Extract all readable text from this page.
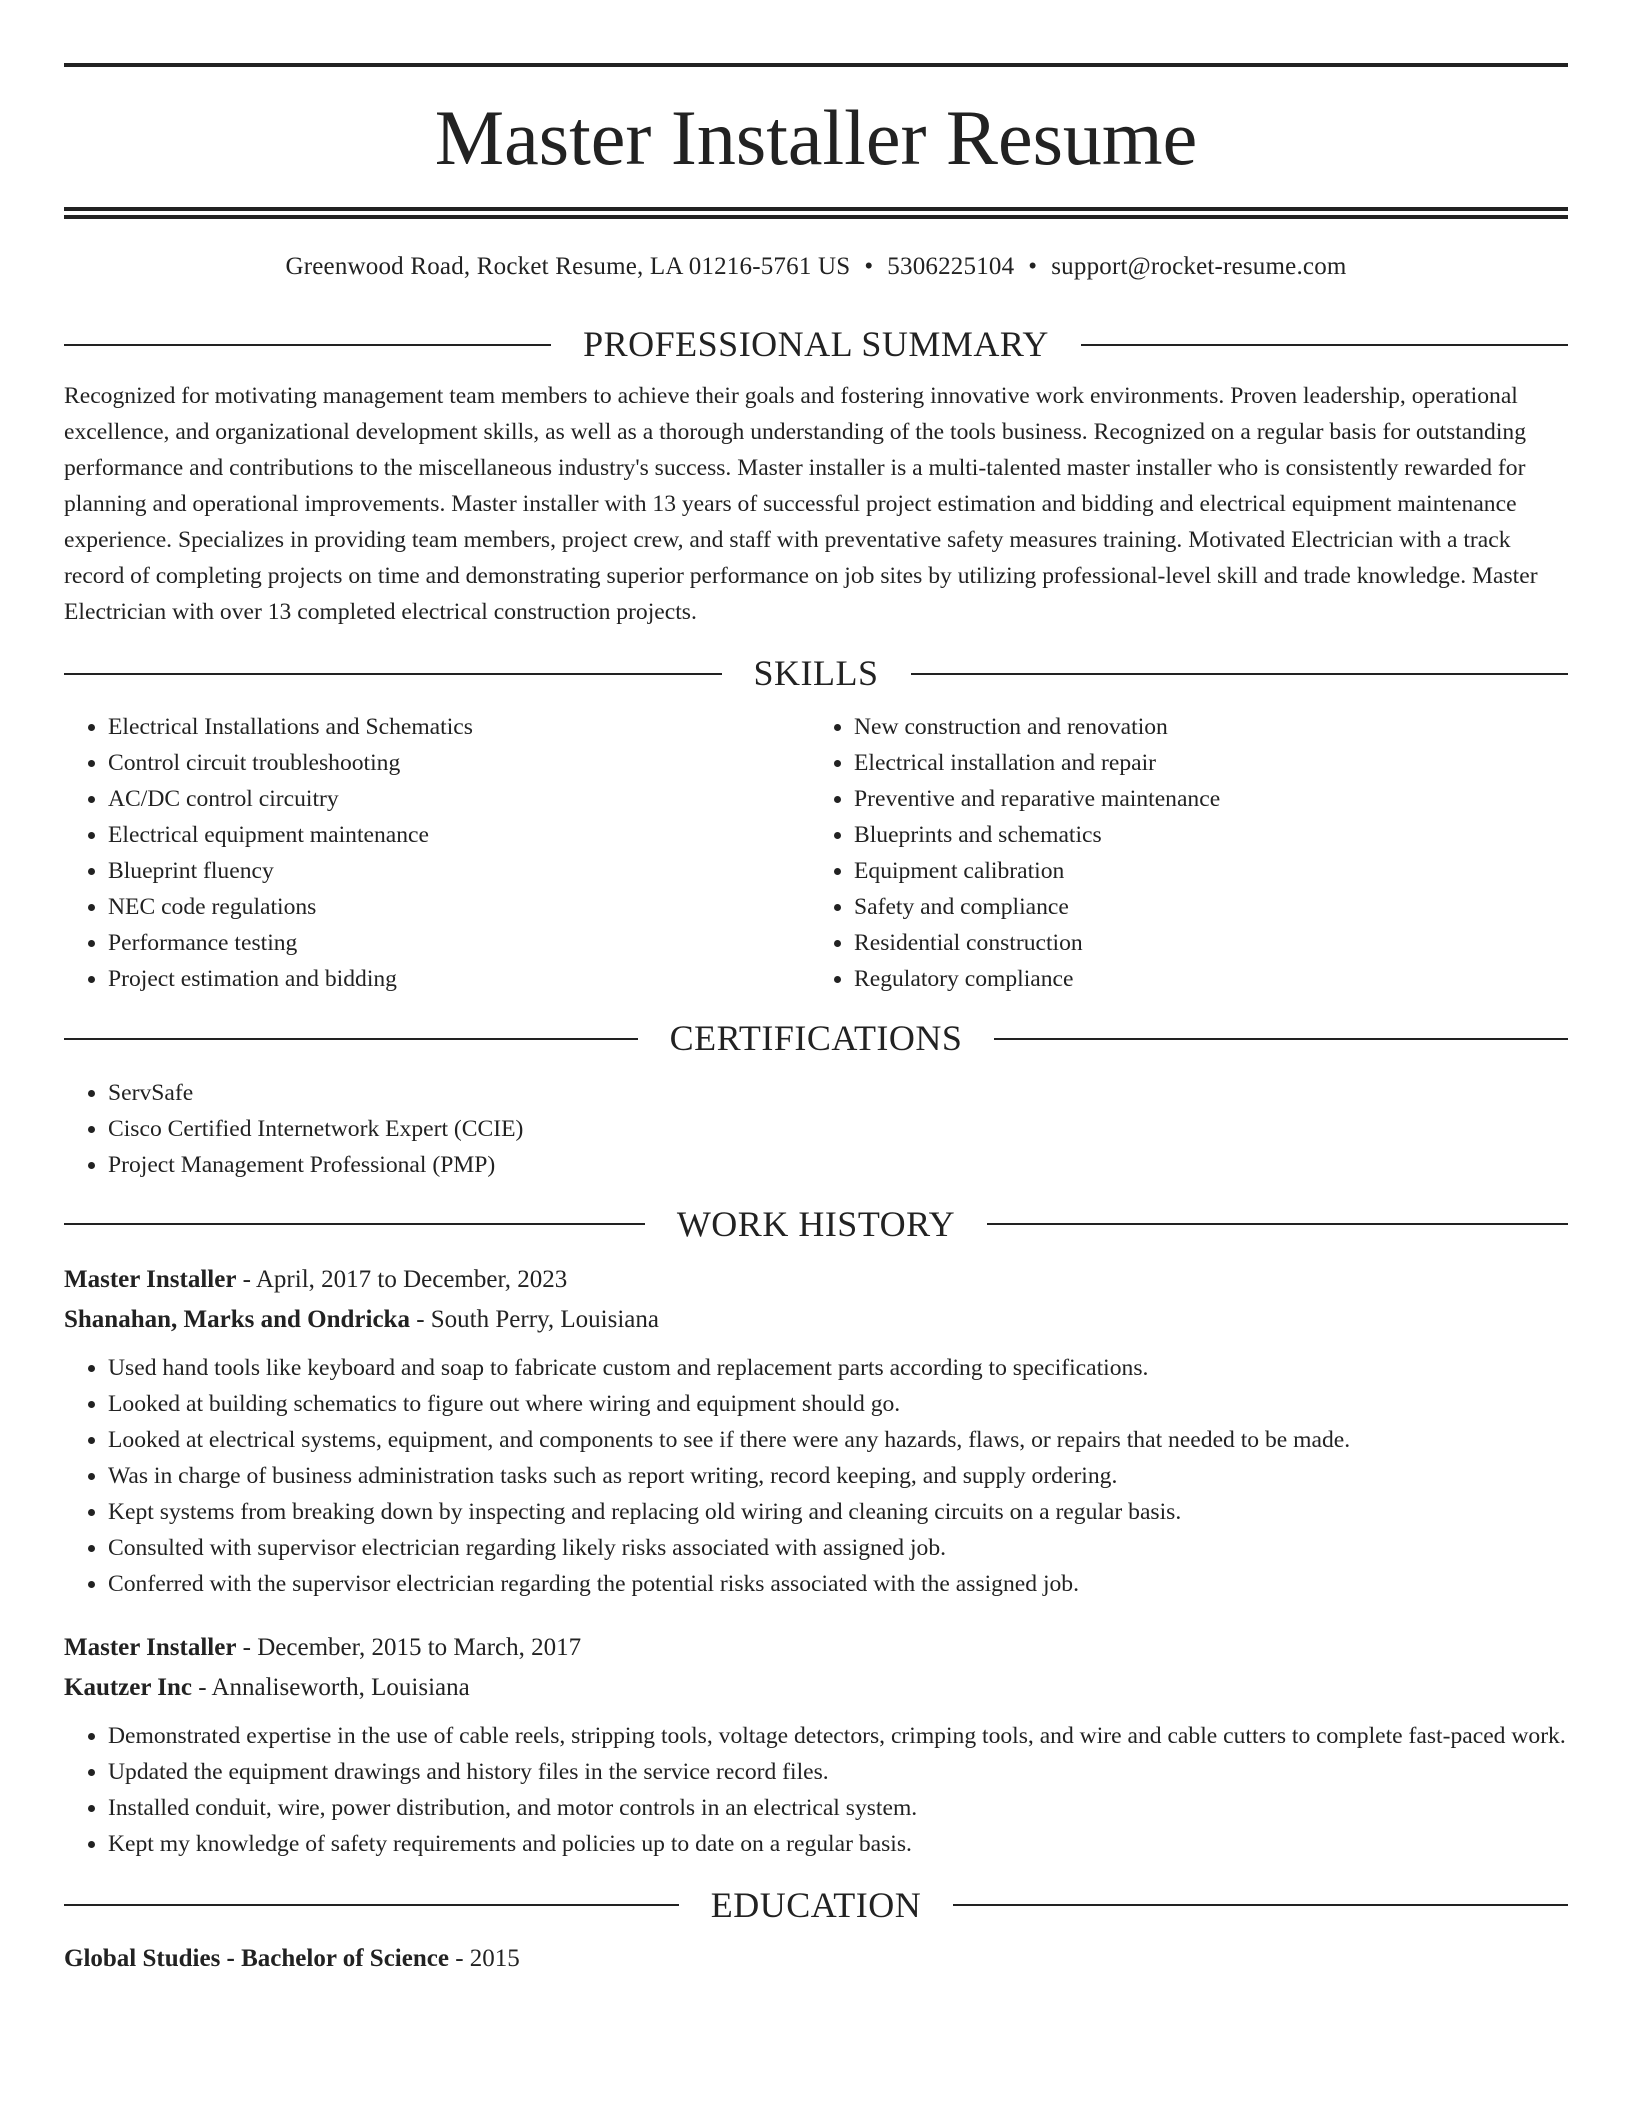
Master Installer Resume
Greenwood Road, Rocket Resume, LA 01216-5761 US • 5306225104 • support@rocket-resume.com
PROFESSIONAL SUMMARY
Recognized for motivating management team members to achieve their goals and fostering innovative work environments. Proven leadership, operational excellence, and organizational development skills, as well as a thorough understanding of the tools business. Recognized on a regular basis for outstanding performance and contributions to the miscellaneous industry's success. Master installer is a multi-talented master installer who is consistently rewarded for planning and operational improvements. Master installer with 13 years of successful project estimation and bidding and electrical equipment maintenance experience. Specializes in providing team members, project crew, and staff with preventative safety measures training. Motivated Electrician with a track record of completing projects on time and demonstrating superior performance on job sites by utilizing professional-level skill and trade knowledge. Master Electrician with over 13 completed electrical construction projects.
SKILLS
• Electrical Installations and Schematics
• Control circuit troubleshooting
• AC/DC control circuitry
• Electrical equipment maintenance
• Blueprint fluency
• NEC code regulations
• Performance testing
• Project estimation and bidding
• New construction and renovation
• Electrical installation and repair
• Preventive and reparative maintenance
• Blueprints and schematics
• Equipment calibration
• Safety and compliance
• Residential construction
• Regulatory compliance
CERTIFICATIONS
• ServSafe
• Cisco Certified Internetwork Expert (CCIE)
• Project Management Professional (PMP)
WORK HISTORY
Master Installer - April, 2017 to December, 2023
Shanahan, Marks and Ondricka - South Perry, Louisiana
• Used hand tools like keyboard and soap to fabricate custom and replacement parts according to specifications.
• Looked at building schematics to figure out where wiring and equipment should go.
• Looked at electrical systems, equipment, and components to see if there were any hazards, flaws, or repairs that needed to be made.
• Was in charge of business administration tasks such as report writing, record keeping, and supply ordering.
• Kept systems from breaking down by inspecting and replacing old wiring and cleaning circuits on a regular basis.
• Consulted with supervisor electrician regarding likely risks associated with assigned job.
• Conferred with the supervisor electrician regarding the potential risks associated with the assigned job.
Master Installer - December, 2015 to March, 2017
Kautzer Inc - Annaliseworth, Louisiana
• Demonstrated expertise in the use of cable reels, stripping tools, voltage detectors, crimping tools, and wire and cable cutters to complete fast-paced work.
• Updated the equipment drawings and history files in the service record files.
• Installed conduit, wire, power distribution, and motor controls in an electrical system.
• Kept my knowledge of safety requirements and policies up to date on a regular basis.
EDUCATION
Global Studies - Bachelor of Science - 2015
